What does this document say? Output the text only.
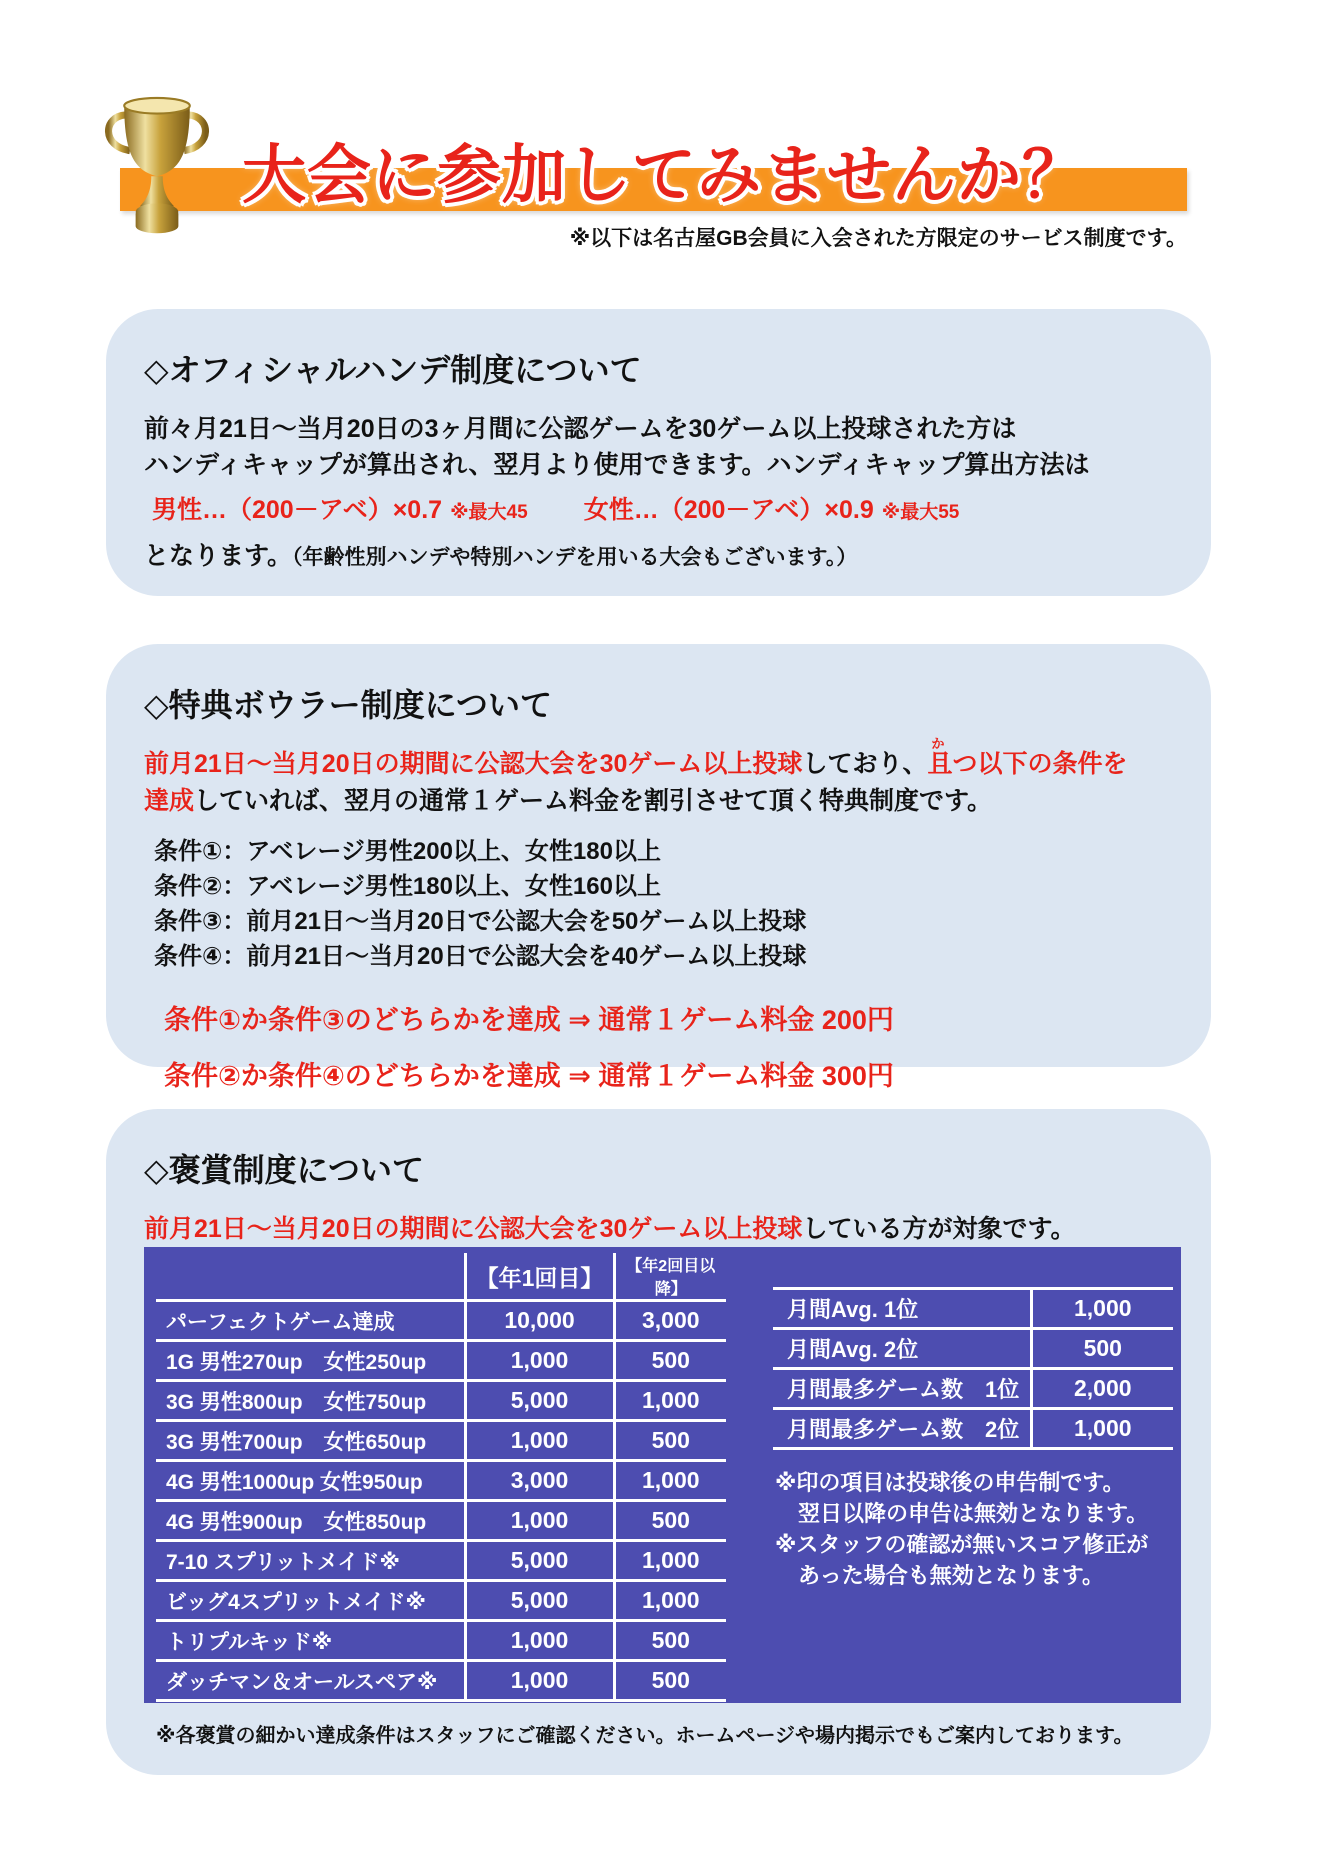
大会に参加してみませんか？
※以下は名古屋GB会員に入会された方限定のサービス制度です。
◇オフィシャルハンデ制度について
前々月21日～当月20日の3ヶ月間に公認ゲームを30ゲーム以上投球された方は
ハンディキャップが算出され、翌月より使用できます。ハンディキャップ算出方法は
男性…（200－アベ）×0.7 ※最大45 女性…（200－アベ）×0.9 ※最大55
となります。（年齢性別ハンデや特別ハンデを用いる大会もございます。）
◇特典ボウラー制度について
前月21日～当月20日の期間に公認大会を30ゲーム以上投球しており、且
か
つ以下の条件を
達成していれば、翌月の通常１ゲーム料金を割引させて頂く特典制度です。
条件①：アベレージ男性200以上、女性180以上
条件②：アベレージ男性180以上、女性160以上
条件③：前月21日～当月20日で公認大会を50ゲーム以上投球
条件④：前月21日～当月20日で公認大会を40ゲーム以上投球
条件①か条件③のどちらかを達成 ⇒ 通常１ゲーム料金 200円
条件②か条件④のどちらかを達成 ⇒ 通常１ゲーム料金 300円
◇褒賞制度について
前月21日～当月20日の期間に公認大会を30ゲーム以上投球している方が対象です。
	【年1回目】	【年2回目以降】
パーフェクトゲーム達成	10,000	3,000
1G 男性270up　女性250up	1,000	500
3G 男性800up　女性750up	5,000	1,000
3G 男性700up　女性650up	1,000	500
4G 男性1000up 女性950up	3,000	1,000
4G 男性900up　女性850up	1,000	500
7-10 スプリットメイド※	5,000	1,000
ビッグ4スプリットメイド※	5,000	1,000
トリプルキッド※	1,000	500
ダッチマン＆オールスペア※	1,000	500
月間Avg. 1位	1,000
月間Avg. 2位	500
月間最多ゲーム数　1位	2,000
月間最多ゲーム数　2位	1,000
※印の項目は投球後の申告制です。
翌日以降の申告は無効となります。
※スタッフの確認が無いスコア修正が
あった場合も無効となります。
※各褒賞の細かい達成条件はスタッフにご確認ください。ホームページや場内掲示でもご案内しております。
